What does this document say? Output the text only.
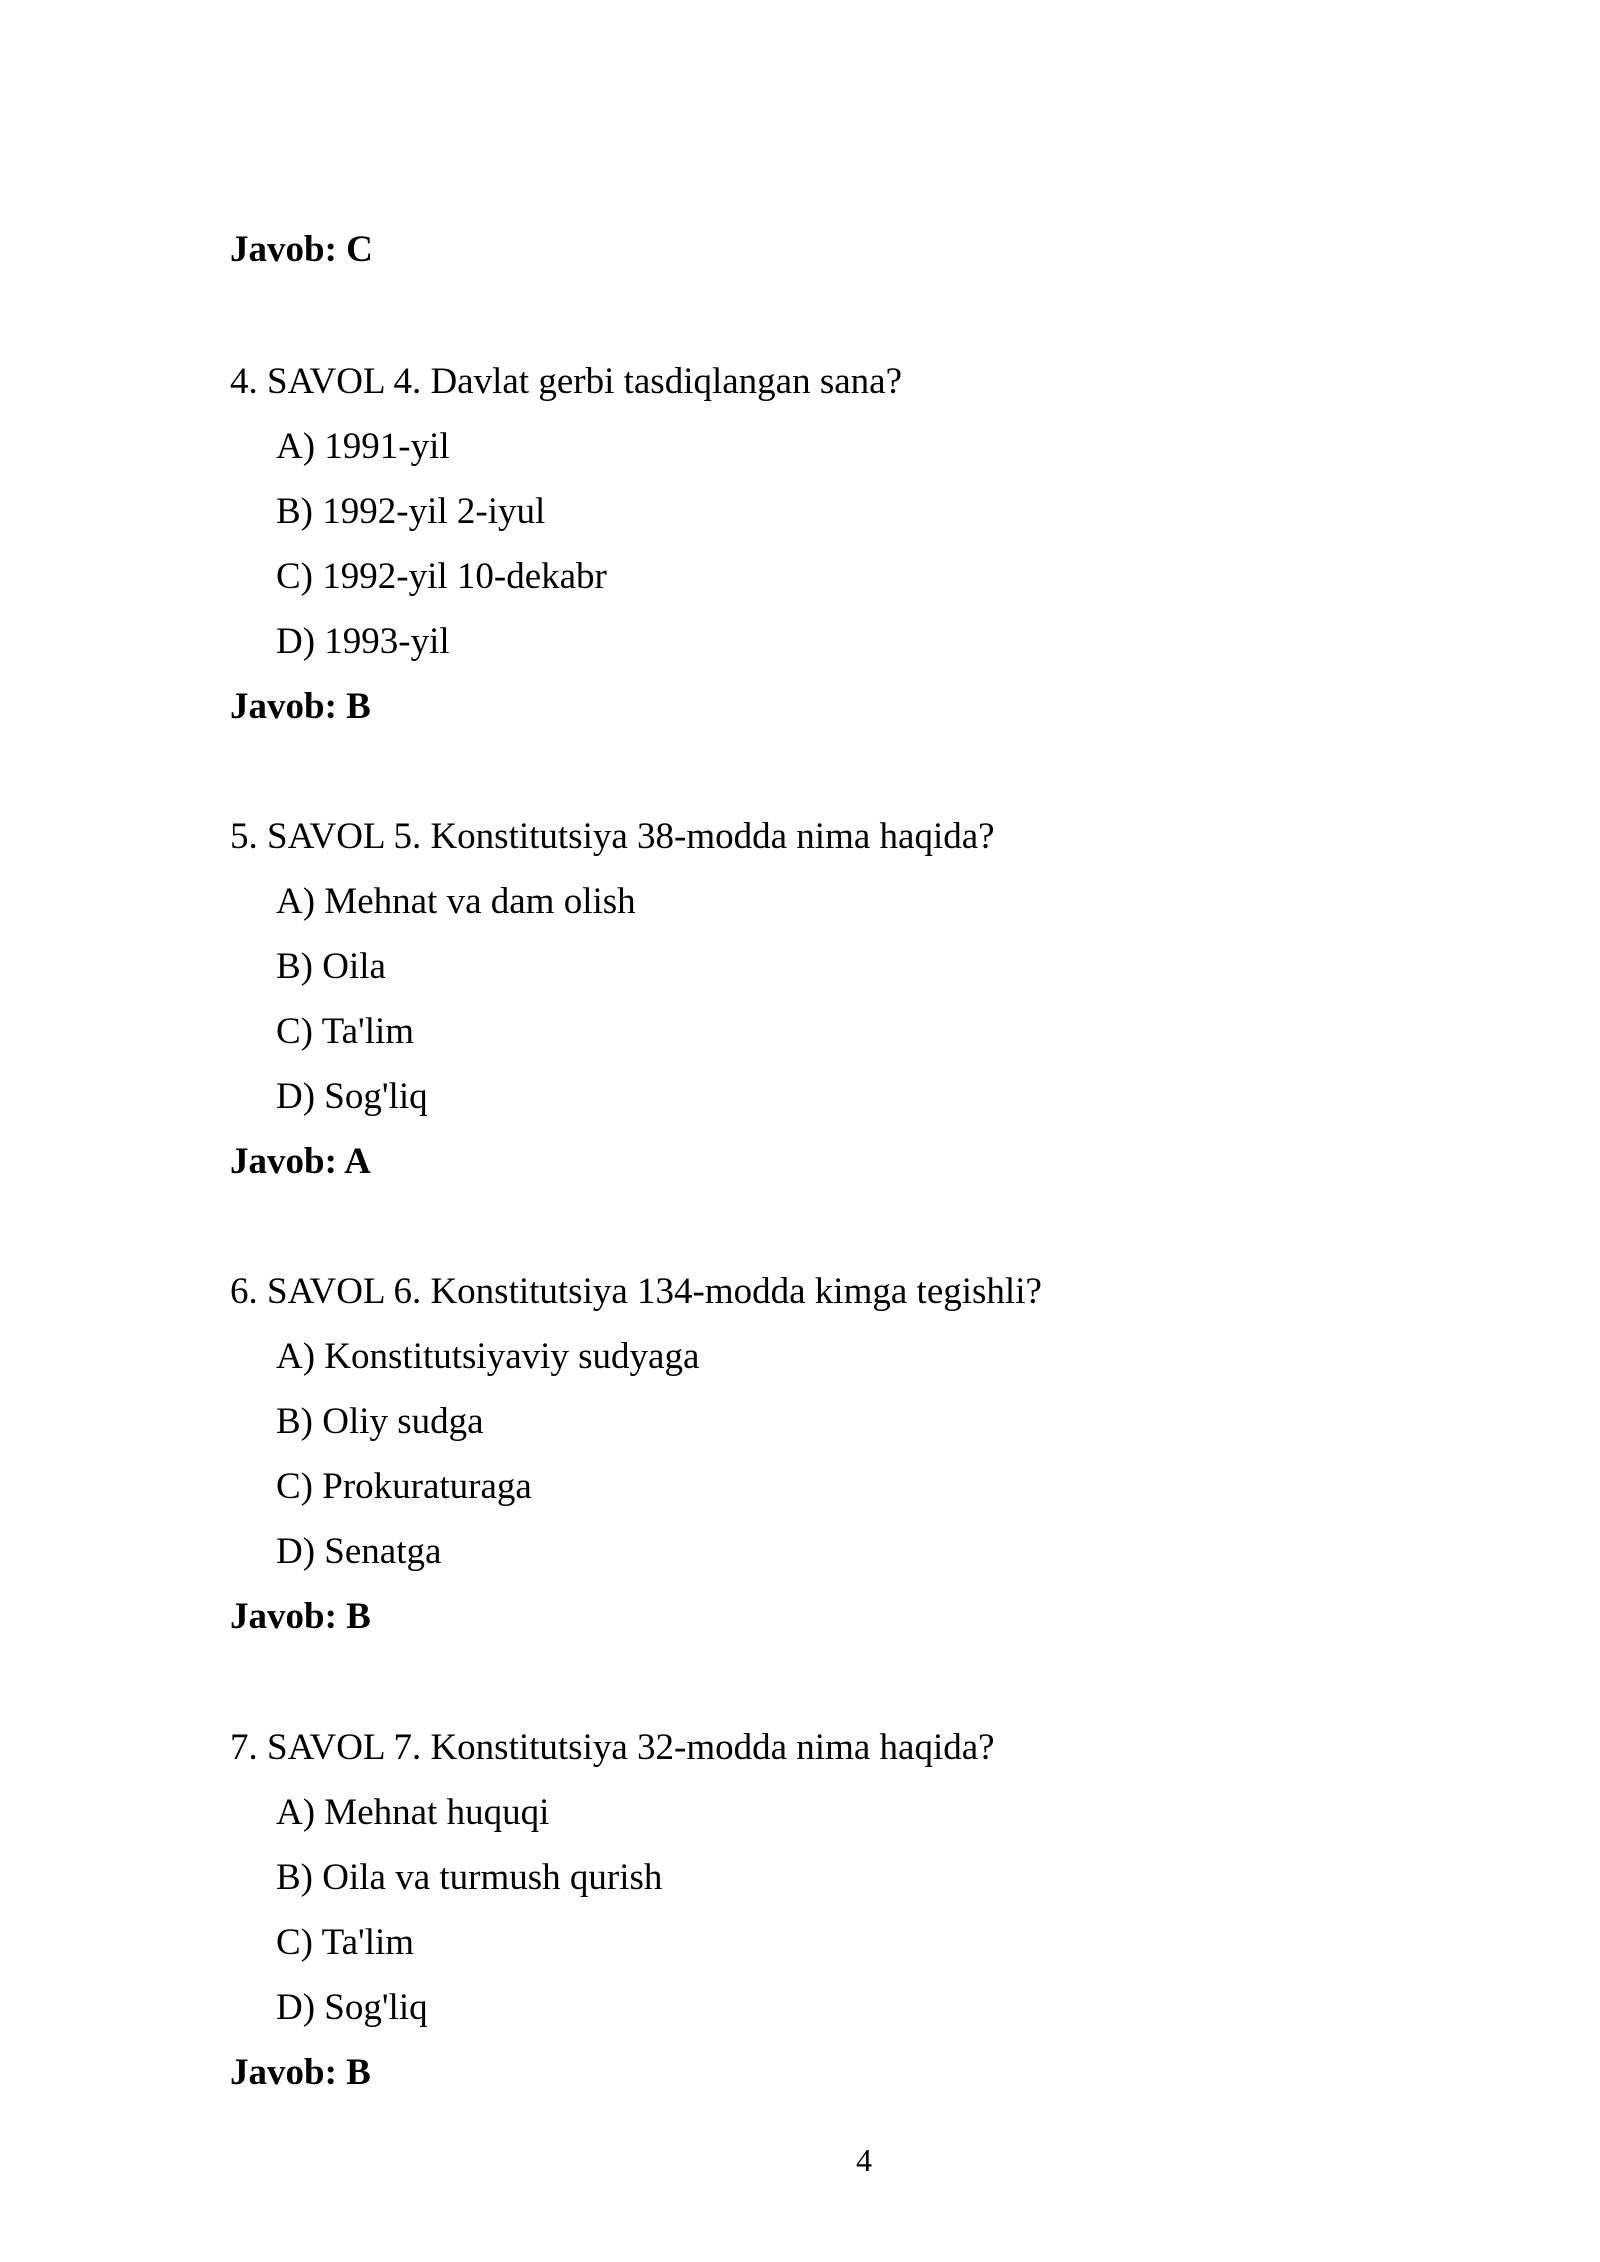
Javob: C
4. SAVOL 4. Davlat gerbi tasdiqlangan sana?
A) 1991-yil
B) 1992-yil 2-iyul
C) 1992-yil 10-dekabr
D) 1993-yil
Javob: B
5. SAVOL 5. Konstitutsiya 38-modda nima haqida?
A) Mehnat va dam olish
B) Oila
C) Ta'lim
D) Sog'liq
Javob: A
6. SAVOL 6. Konstitutsiya 134-modda kimga tegishli?
A) Konstitutsiyaviy sudyaga
B) Oliy sudga
C) Prokuraturaga
D) Senatga
Javob: B
7. SAVOL 7. Konstitutsiya 32-modda nima haqida?
A) Mehnat huquqi
B) Oila va turmush qurish
C) Ta'lim
D) Sog'liq
Javob: B
4
